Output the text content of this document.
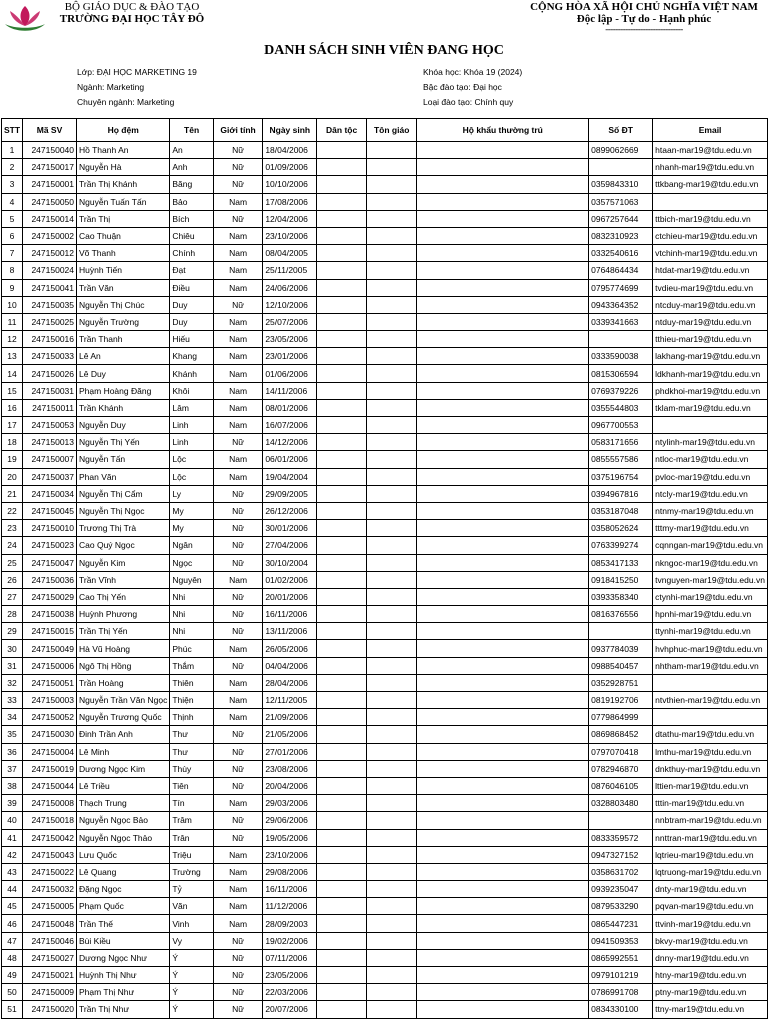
BỘ GIÁO DỤC & ĐÀO TẠO
TRƯỜNG ĐẠI HỌC TÂY ĐÔ
CỘNG HÒA XÃ HỘI CHỦ NGHĨA VIỆT NAM
Độc lập - Tự do - Hạnh phúc
-------------------------------
DANH SÁCH SINH VIÊN ĐANG HỌC
Lớp: ĐẠI HỌC MARKETING 19
Ngành: Marketing
Chuyên ngành: Marketing
Khóa học: Khóa 19 (2024)
Bậc đào tạo: Đại học
Loại đào tạo: Chính quy
STT	Mã SV	Họ đệm	Tên	Giới tính	Ngày sinh	Dân tộc	Tôn giáo	Hộ khẩu thường trú	Số ĐT	Email
1	247150040	Hồ Thanh An	An	Nữ	18/04/2006				0899062669	htaan-mar19@tdu.edu.vn
2	247150017	Nguyễn Hà	Anh	Nữ	01/09/2006					nhanh-mar19@tdu.edu.vn
3	247150001	Trần Thị Khánh	Băng	Nữ	10/10/2006				0359843310	ttkbang-mar19@tdu.edu.vn
4	247150050	Nguyễn Tuấn Tấn	Bảo	Nam	17/08/2006				0357571063	
5	247150014	Trần Thị	Bích	Nữ	12/04/2006				0967257644	ttbich-mar19@tdu.edu.vn
6	247150002	Cao Thuận	Chiêu	Nam	23/10/2006				0832310923	ctchieu-mar19@tdu.edu.vn
7	247150012	Võ Thanh	Chính	Nam	08/04/2005				0332540616	vtchinh-mar19@tdu.edu.vn
8	247150024	Huỳnh Tiến	Đạt	Nam	25/11/2005				0764864434	htdat-mar19@tdu.edu.vn
9	247150041	Trần Văn	Điều	Nam	24/06/2006				0795774699	tvdieu-mar19@tdu.edu.vn
10	247150035	Nguyễn Thị Chúc	Duy	Nữ	12/10/2006				0943364352	ntcduy-mar19@tdu.edu.vn
11	247150025	Nguyễn Trường	Duy	Nam	25/07/2006				0339341663	ntduy-mar19@tdu.edu.vn
12	247150016	Trần Thanh	Hiếu	Nam	23/05/2006					tthieu-mar19@tdu.edu.vn
13	247150033	Lê An	Khang	Nam	23/01/2006				0333590038	lakhang-mar19@tdu.edu.vn
14	247150026	Lê Duy	Khánh	Nam	01/06/2006				0815306594	ldkhanh-mar19@tdu.edu.vn
15	247150031	Phạm Hoàng Đăng	Khôi	Nam	14/11/2006				0769379226	phdkhoi-mar19@tdu.edu.vn
16	247150011	Trần Khánh	Lâm	Nam	08/01/2006				0355544803	tklam-mar19@tdu.edu.vn
17	247150053	Nguyễn Duy	Linh	Nam	16/07/2006				0967700553	
18	247150013	Nguyễn Thị Yến	Linh	Nữ	14/12/2006				0583171656	ntylinh-mar19@tdu.edu.vn
19	247150007	Nguyễn Tấn	Lộc	Nam	06/01/2006				0855557586	ntloc-mar19@tdu.edu.vn
20	247150037	Phan Văn	Lộc	Nam	19/04/2004				0375196754	pvloc-mar19@tdu.edu.vn
21	247150034	Nguyễn Thị Cẩm	Ly	Nữ	29/09/2005				0394967816	ntcly-mar19@tdu.edu.vn
22	247150045	Nguyễn Thị Ngọc	My	Nữ	26/12/2006				0353187048	ntnmy-mar19@tdu.edu.vn
23	247150010	Trương Thị Trà	My	Nữ	30/01/2006				0358052624	tttmy-mar19@tdu.edu.vn
24	247150023	Cao Quý Ngọc	Ngân	Nữ	27/04/2006				0763399274	cqnngan-mar19@tdu.edu.vn
25	247150047	Nguyễn Kim	Ngọc	Nữ	30/10/2004				0853417133	nkngoc-mar19@tdu.edu.vn
26	247150036	Trần Vĩnh	Nguyên	Nam	01/02/2006				0918415250	tvnguyen-mar19@tdu.edu.vn
27	247150029	Cao Thị Yến	Nhi	Nữ	20/01/2006				0393358340	ctynhi-mar19@tdu.edu.vn
28	247150038	Huỳnh Phương	Nhi	Nữ	16/11/2006				0816376556	hpnhi-mar19@tdu.edu.vn
29	247150015	Trần Thị Yến	Nhi	Nữ	13/11/2006					ttynhi-mar19@tdu.edu.vn
30	247150049	Hà Vũ Hoàng	Phúc	Nam	26/05/2006				0937784039	hvhphuc-mar19@tdu.edu.vn
31	247150006	Ngô Thị Hồng	Thắm	Nữ	04/04/2006				0988540457	nhtham-mar19@tdu.edu.vn
32	247150051	Trần Hoàng	Thiên	Nam	28/04/2006				0352928751	
33	247150003	Nguyễn Trần Văn Ngọc	Thiện	Nam	12/11/2005				0819192706	ntvthien-mar19@tdu.edu.vn
34	247150052	Nguyễn Trương Quốc	Thịnh	Nam	21/09/2006				0779864999	
35	247150030	Đinh Trần Anh	Thư	Nữ	21/05/2006				0869868452	dtathu-mar19@tdu.edu.vn
36	247150004	Lê Minh	Thư	Nữ	27/01/2006				0797070418	lmthu-mar19@tdu.edu.vn
37	247150019	Dương Ngọc Kim	Thùy	Nữ	23/08/2006				0782946870	dnkthuy-mar19@tdu.edu.vn
38	247150044	Lê Triều	Tiên	Nữ	20/04/2006				0876046105	lttien-mar19@tdu.edu.vn
39	247150008	Thạch Trung	Tín	Nam	29/03/2006				0328803480	tttin-mar19@tdu.edu.vn
40	247150018	Nguyễn Ngọc Bảo	Trâm	Nữ	29/06/2006					nnbtram-mar19@tdu.edu.vn
41	247150042	Nguyễn Ngọc Thảo	Trân	Nữ	19/05/2006				0833359572	nnttran-mar19@tdu.edu.vn
42	247150043	Lưu Quốc	Triệu	Nam	23/10/2006				0947327152	lqtrieu-mar19@tdu.edu.vn
43	247150022	Lê Quang	Trường	Nam	29/08/2006				0358631702	lqtruong-mar19@tdu.edu.vn
44	247150032	Đặng Ngọc	Tỷ	Nam	16/11/2006				0939235047	dnty-mar19@tdu.edu.vn
45	247150005	Phạm Quốc	Văn	Nam	11/12/2006				0879533290	pqvan-mar19@tdu.edu.vn
46	247150048	Trần Thế	Vinh	Nam	28/09/2003				0865447231	ttvinh-mar19@tdu.edu.vn
47	247150046	Bùi Kiều	Vy	Nữ	19/02/2006				0941509353	bkvy-mar19@tdu.edu.vn
48	247150027	Dương Ngọc Như	Ý	Nữ	07/11/2006				0865992551	dnny-mar19@tdu.edu.vn
49	247150021	Huỳnh Thị Như	Ý	Nữ	23/05/2006				0979101219	htny-mar19@tdu.edu.vn
50	247150009	Phạm Thị Như	Ý	Nữ	22/03/2006				0786991708	ptny-mar19@tdu.edu.vn
51	247150020	Trần Thị Như	Ý	Nữ	20/07/2006				0834330100	ttny-mar19@tdu.edu.vn
